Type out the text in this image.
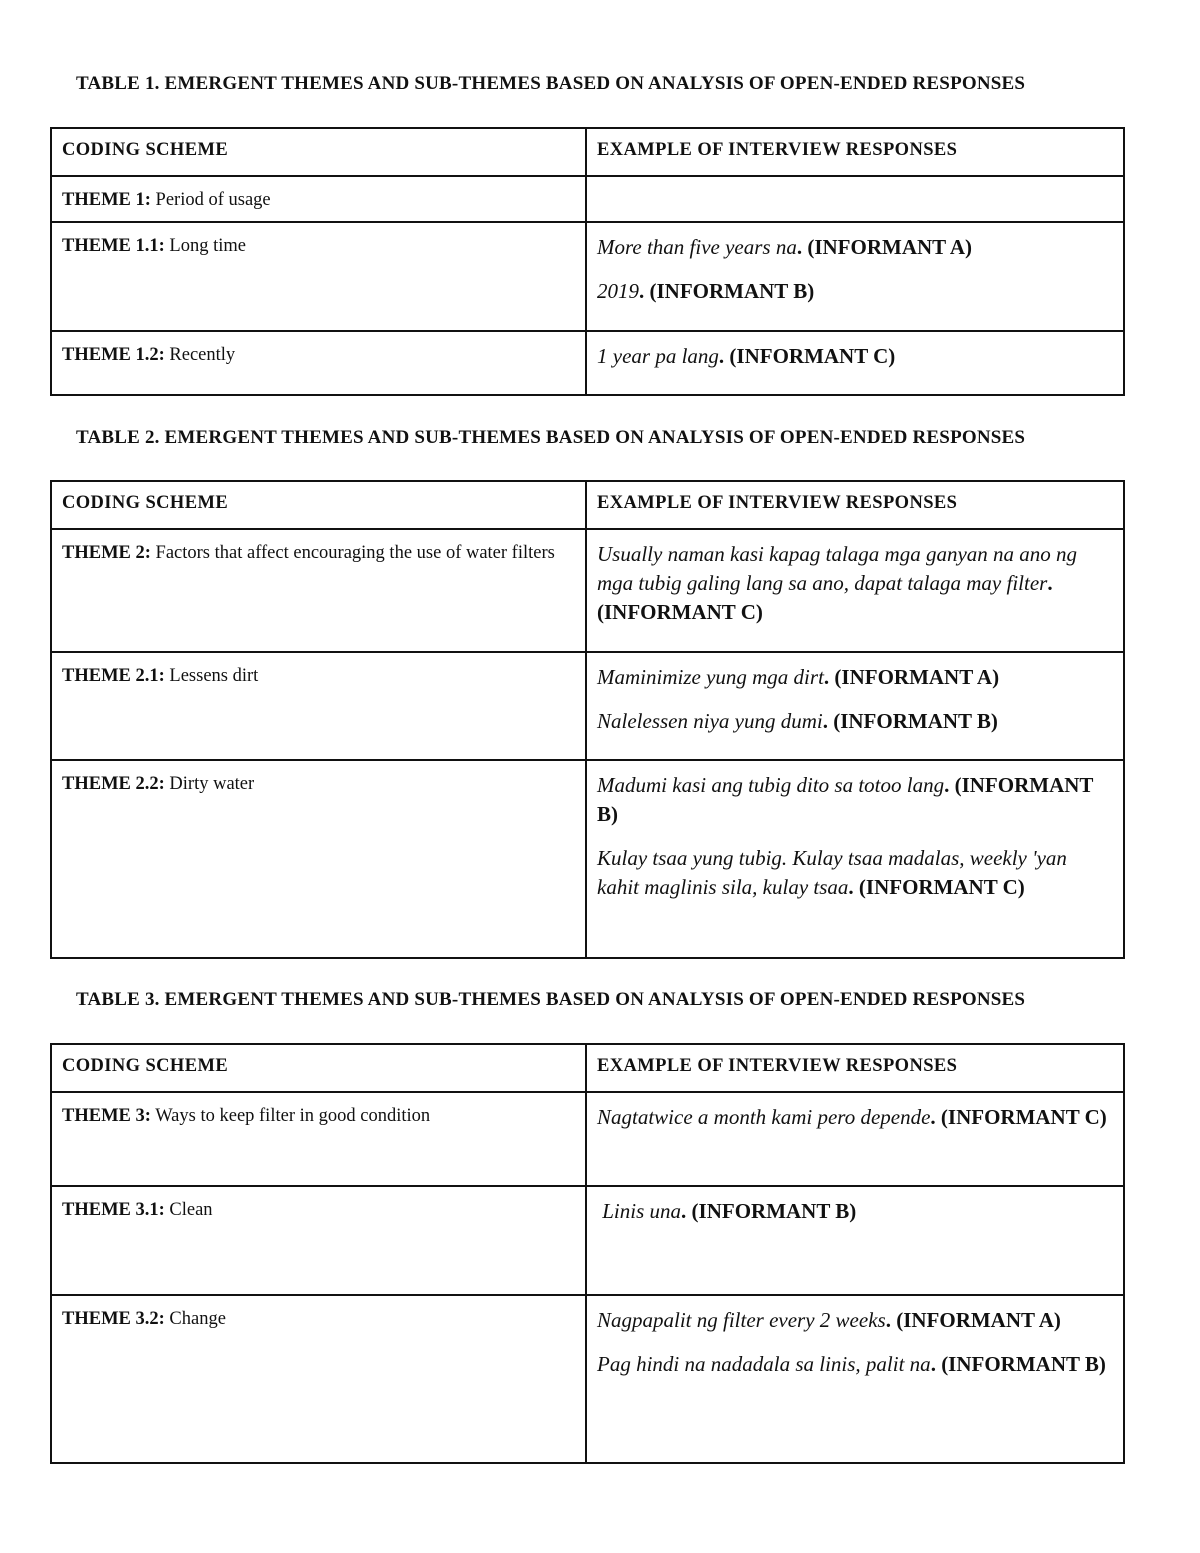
TABLE 1. EMERGENT THEMES AND SUB-THEMES BASED ON ANALYSIS OF OPEN-ENDED RESPONSES
CODING SCHEME	EXAMPLE OF INTERVIEW RESPONSES

THEME 1: Period of usage	

THEME 1.1: Long time	More than five years na. (INFORMANT A)
2019. (INFORMANT B)

THEME 1.2: Recently	1 year pa lang. (INFORMANT C)
TABLE 2. EMERGENT THEMES AND SUB-THEMES BASED ON ANALYSIS OF OPEN-ENDED RESPONSES
CODING SCHEME	EXAMPLE OF INTERVIEW RESPONSES

THEME 2: Factors that affect encouraging the use of water filters	Usually naman kasi kapag talaga mga ganyan na ano ng mga tubig galing lang sa ano, dapat talaga may filter. (INFORMANT C)

THEME 2.1: Lessens dirt	Maminimize yung mga dirt. (INFORMANT A)
Nalelessen niya yung dumi. (INFORMANT B)

THEME 2.2: Dirty water	Madumi kasi ang tubig dito sa totoo lang. (INFORMANT B)
Kulay tsaa yung tubig. Kulay tsaa madalas, weekly 'yan kahit maglinis sila, kulay tsaa. (INFORMANT C)
TABLE 3. EMERGENT THEMES AND SUB-THEMES BASED ON ANALYSIS OF OPEN-ENDED RESPONSES
CODING SCHEME	EXAMPLE OF INTERVIEW RESPONSES

THEME 3: Ways to keep filter in good condition	Nagtatwice a month kami pero depende. (INFORMANT C)

THEME 3.1: Clean	Linis una. (INFORMANT B)

THEME 3.2: Change	Nagpapalit ng filter every 2 weeks. (INFORMANT A)
Pag hindi na nadadala sa linis, palit na. (INFORMANT B)
